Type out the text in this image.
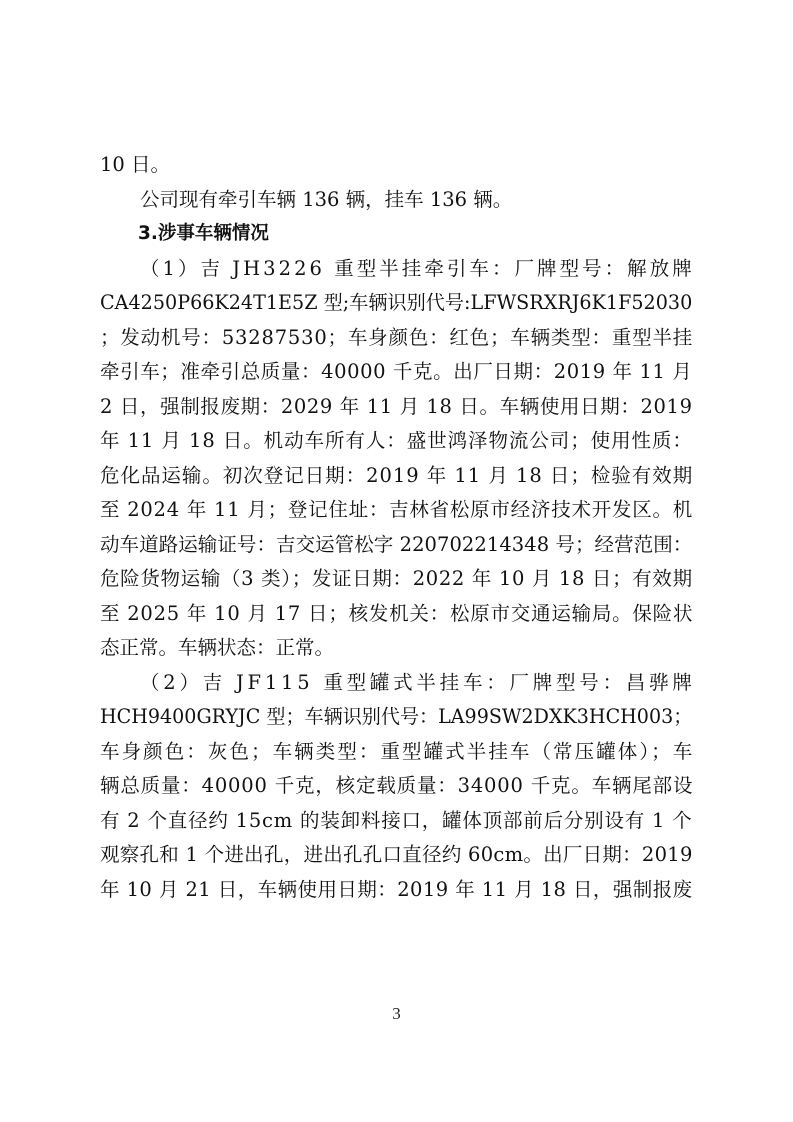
10 日。
公司现有牵引车辆 136 辆，挂车 136 辆。
3.涉事车辆情况
（1）吉 JH3226 重型半挂牵引车：厂牌型号：解放牌
CA4250P66K24T1E5Z 型;车辆识别代号:LFWSRXRJ6K1F52030
；发动机号：53287530；车身颜色：红色；车辆类型：重型半挂
牵引车；准牵引总质量：40000 千克。出厂日期：2019 年 11 月
2 日，强制报废期：2029 年 11 月 18 日。车辆使用日期：2019
年 11 月 18 日。机动车所有人：盛世鸿泽物流公司；使用性质：
危化品运输。初次登记日期：2019 年 11 月 18 日；检验有效期
至 2024 年 11 月；登记住址：吉林省松原市经济技术开发区。机
动车道路运输证号：吉交运管松字 220702214348 号；经营范围：
危险货物运输（3 类）；发证日期：2022 年 10 月 18 日；有效期
至 2025 年 10 月 17 日；核发机关：松原市交通运输局。保险状
态正常。车辆状态：正常。
（2）吉 JF115 重型罐式半挂车：厂牌型号：昌骅牌
HCH9400GRYJC 型；车辆识别代号：LA99SW2DXK3HCH003；
车身颜色：灰色；车辆类型：重型罐式半挂车（常压罐体）；车
辆总质量：40000 千克，核定载质量：34000 千克。车辆尾部设
有 2 个直径约 15cm 的装卸料接口，罐体顶部前后分别设有 1 个
观察孔和 1 个进出孔，进出孔孔口直径约 60cm。出厂日期：2019
年 10 月 21 日，车辆使用日期：2019 年 11 月 18 日，强制报废
3
